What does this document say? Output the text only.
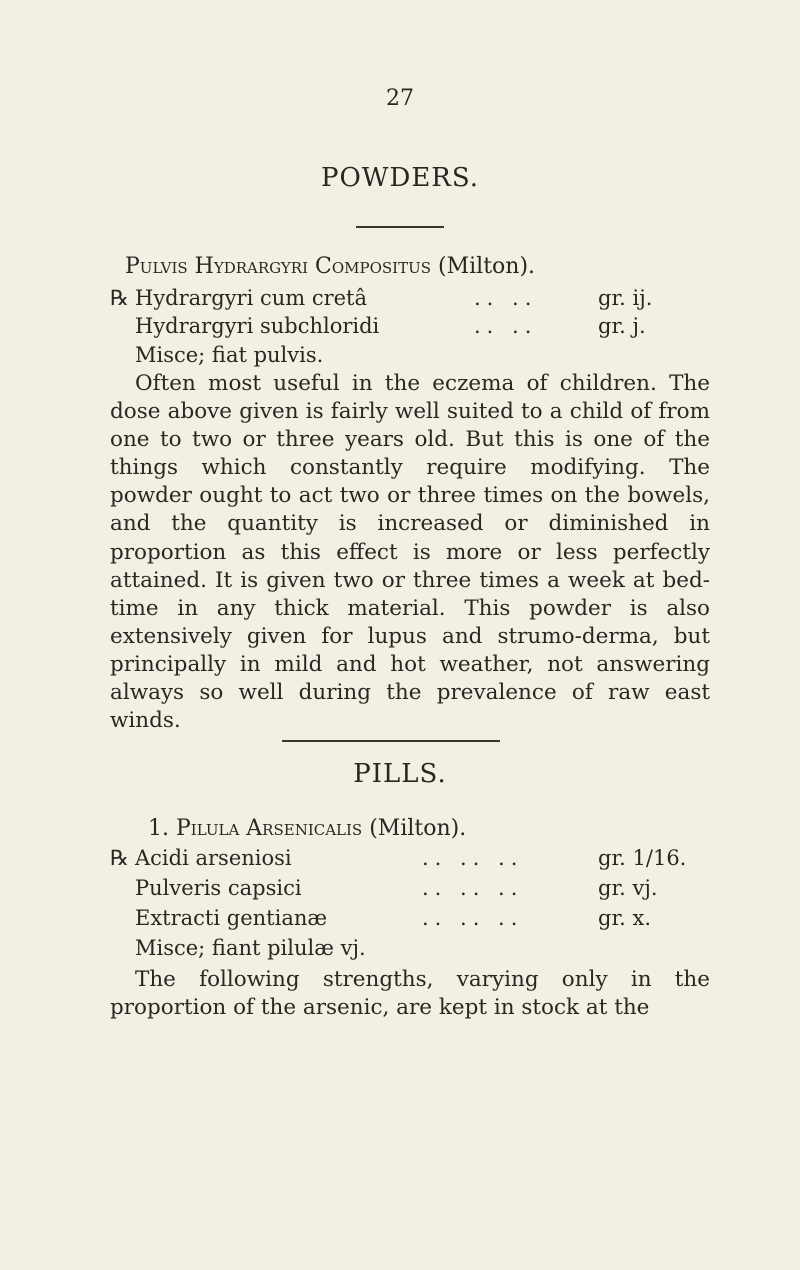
27
POWDERS.
Pulvis Hydrargyri Compositus (Milton).
℞ Hydrargyri cum cretâ	.. ..	gr. ij.
Hydrargyri subchloridi	.. ..	gr. j.
Misce; fiat pulvis.
Often most useful in the eczema of children. The dose above given is fairly well suited to a child of from one to two or three years old. But this is one of the things which constantly require modifying. The powder ought to act two or three times on the bowels, and the quantity is increased or diminished in proportion as this effect is more or less perfectly attained. It is given two or three times a week at bed-time in any thick material. This powder is also extensively given for lupus and strumo-derma, but principally in mild and hot weather, not answering always so well during the prevalence of raw east winds.
PILLS.
1. Pilula Arsenicalis (Milton).
℞ Acidi arseniosi	.. .. ..	gr. 1/16.
Pulveris capsici	.. .. ..	gr. vj.
Extracti gentianæ	.. .. ..	gr. x.
Misce; fiant pilulæ vj.
The following strengths, varying only in the proportion of the arsenic, are kept in stock at the
